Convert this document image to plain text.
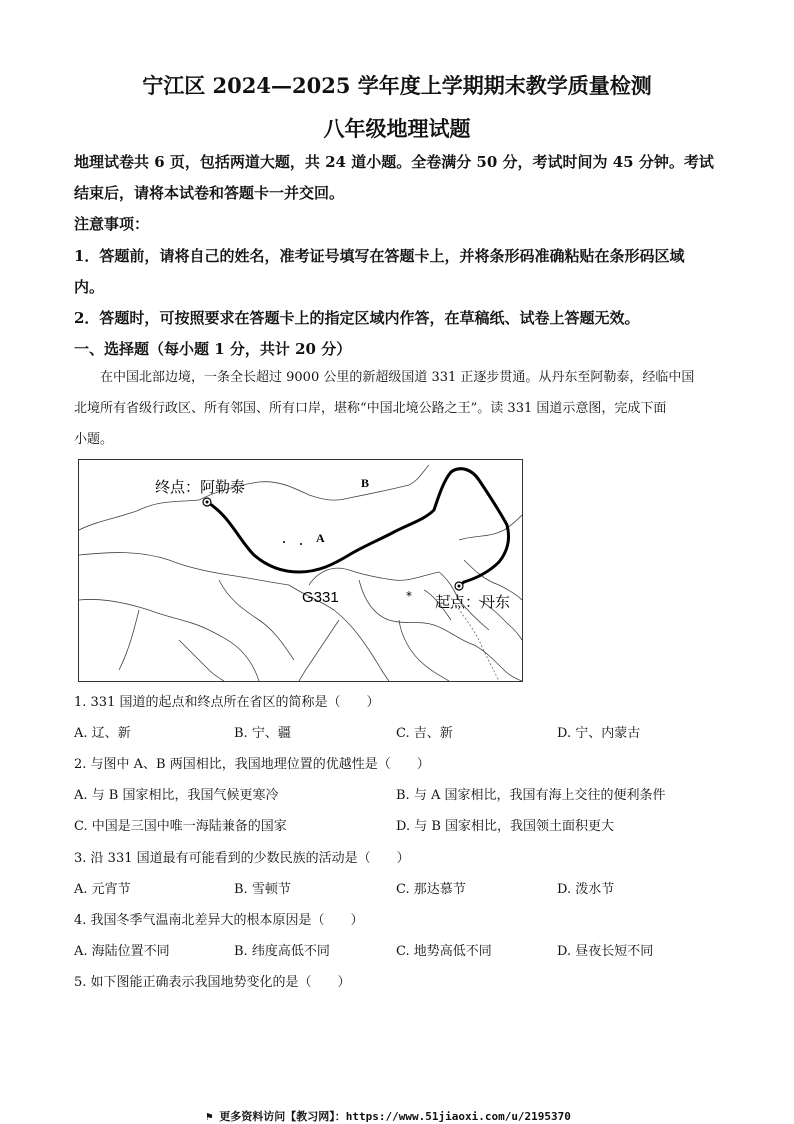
宁江区 2024—2025 学年度上学期期末教学质量检测
八年级地理试题
地理试卷共 6 页，包括两道大题，共 24 道小题。全卷满分 50 分，考试时间为 45 分钟。考试
结束后，请将本试卷和答题卡一并交回。
注意事项：
1．答题前，请将自己的姓名，准考证号填写在答题卡上，并将条形码准确粘贴在条形码区域
内。
2．答题时，可按照要求在答题卡上的指定区域内作答，在草稿纸、试卷上答题无效。
一、选择题（每小题 1 分，共计 20 分）
在中国北部边境，一条全长超过 9000 公里的新超级国道 331 正逐步贯通。从丹东至阿勒泰，经临中国
北境所有省级行政区、所有邻国、所有口岸，堪称“中国北境公路之王”。读 331 国道示意图，完成下面
小题。
*
终点：阿勒泰
起点：丹东
G331
A
B
1. 331 国道的起点和终点所在省区的简称是（　　）
A. 辽、新	B. 宁、疆	C. 吉、新	D. 宁、内蒙古
2. 与图中 A、B 两国相比，我国地理位置的优越性是（　　）
A. 与 B 国家相比，我国气候更寒冷	B. 与 A 国家相比，我国有海上交往的便利条件
C. 中国是三国中唯一海陆兼备的国家	D. 与 B 国家相比，我国领土面积更大
3. 沿 331 国道最有可能看到的少数民族的活动是（　　）
A. 元宵节	B. 雪顿节	C. 那达慕节	D. 泼水节
4. 我国冬季气温南北差异大的根本原因是（　　）
A. 海陆位置不同	B. 纬度高低不同	C. 地势高低不同	D. 昼夜长短不同
5. 如下图能正确表示我国地势变化的是（　　）
⚑ 更多资料访问【教习网】：https://www.51jiaoxi.com/u/2195370
